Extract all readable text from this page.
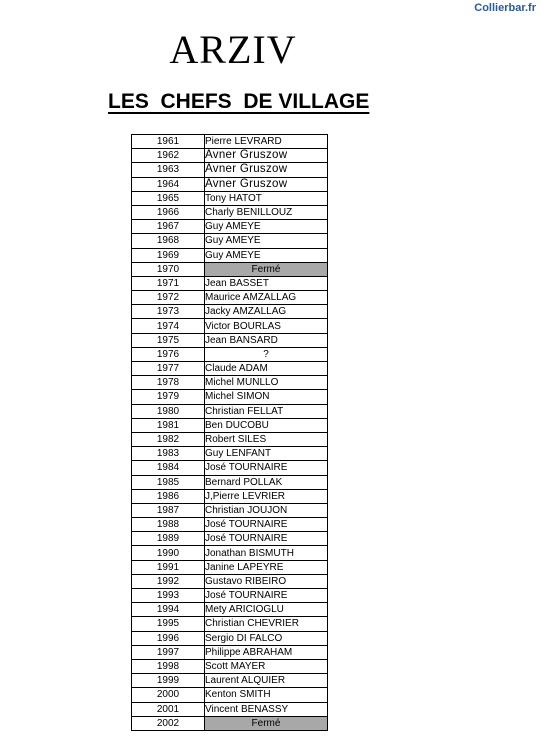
Collierbar.fr
ARZIV
LES  CHEFS  DE VILLAGE
1961	Pierre LEVRARD
1962	Avner Gruszow
1963	Avner Gruszow
1964	Avner Gruszow
1965	Tony HATOT
1966	Charly BENILLOUZ
1967	Guy AMEYE
1968	Guy AMEYE
1969	Guy AMEYE
1970	Fermé
1971	Jean BASSET
1972	Maurice AMZALLAG
1973	Jacky AMZALLAG
1974	Victor BOURLAS
1975	Jean BANSARD
1976	?
1977	Claude ADAM
1978	Michel MUNLLO
1979	Michel SIMON
1980	Christian FELLAT
1981	Ben DUCOBU
1982	Robert SILES
1983	Guy LENFANT
1984	José TOURNAIRE
1985	Bernard POLLAK
1986	J,Pierre LEVRIER
1987	Christian JOUJON
1988	José TOURNAIRE
1989	José TOURNAIRE
1990	Jonathan BISMUTH
1991	Janine LAPEYRE
1992	Gustavo RIBEIRO
1993	José TOURNAIRE
1994	Mety ARICIOGLU
1995	Christian CHEVRIER
1996	Sergio DI FALCO
1997	Philippe ABRAHAM
1998	Scott MAYER
1999	Laurent ALQUIER
2000	Kenton SMITH
2001	Vincent BENASSY
2002	Fermé
